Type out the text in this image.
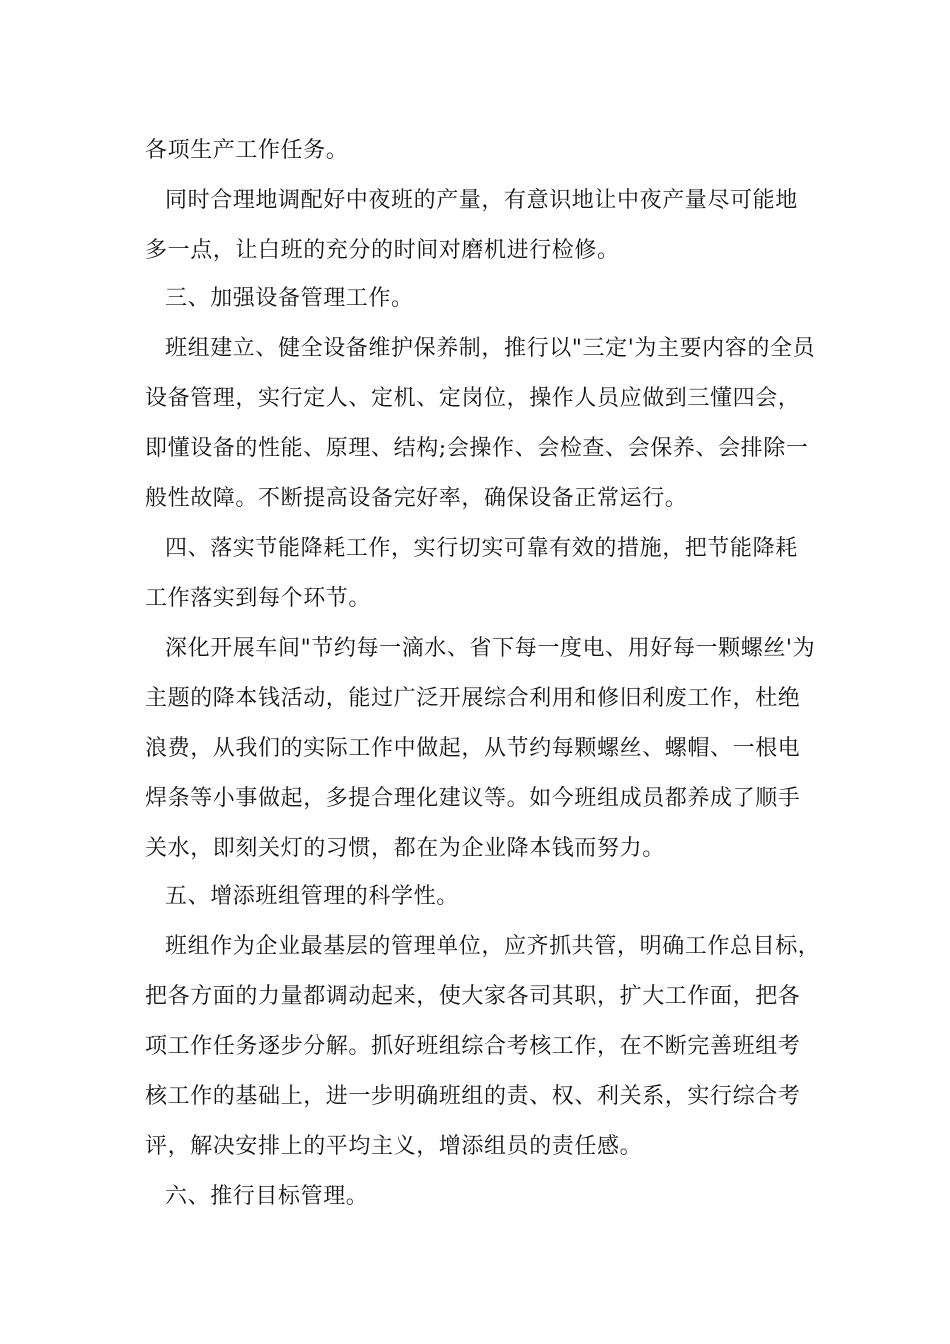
各项生产工作任务。
同时合理地调配好中夜班的产量，有意识地让中夜产量尽可能地
多一点，让白班的充分的时间对磨机进行检修。
三、加强设备管理工作。
班组建立、健全设备维护保养制，推行以"三定'为主要内容的全员
设备管理，实行定人、定机、定岗位，操作人员应做到三懂四会，
即懂设备的性能、原理、结构;会操作、会检查、会保养、会排除一
般性故障。不断提高设备完好率，确保设备正常运行。
四、落实节能降耗工作，实行切实可靠有效的措施，把节能降耗
工作落实到每个环节。
深化开展车间"节约每一滴水、省下每一度电、用好每一颗螺丝'为
主题的降本钱活动，能过广泛开展综合利用和修旧利废工作，杜绝
浪费，从我们的实际工作中做起，从节约每颗螺丝、螺帽、一根电
焊条等小事做起，多提合理化建议等。如今班组成员都养成了顺手
关水，即刻关灯的习惯，都在为企业降本钱而努力。
五、增添班组管理的科学性。
班组作为企业最基层的管理单位，应齐抓共管，明确工作总目标，
把各方面的力量都调动起来，使大家各司其职，扩大工作面，把各
项工作任务逐步分解。抓好班组综合考核工作，在不断完善班组考
核工作的基础上，进一步明确班组的责、权、利关系，实行综合考
评，解决安排上的平均主义，增添组员的责任感。
六、推行目标管理。
